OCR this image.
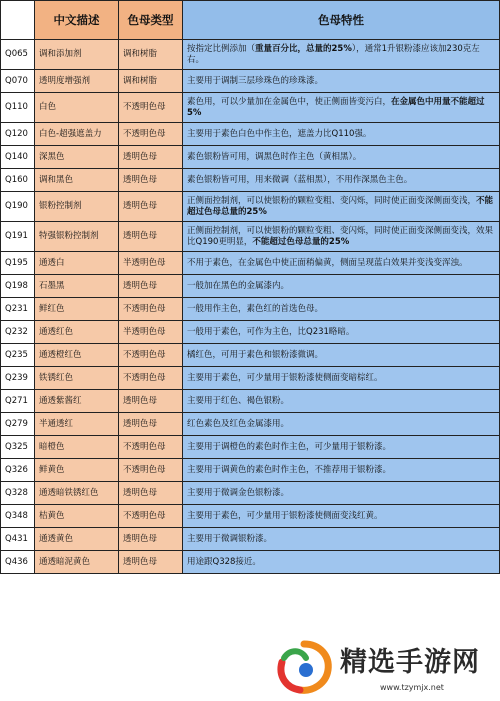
	中文描述	色母类型	色母特性
Q065	调和添加剂	调和树脂	按指定比例添加（重量百分比，总量的25%），通常1升银粉漆应该加230克左右。
Q070	透明度增强剂	调和树脂	主要用于调制三层珍珠色的珍珠漆。
Q110	白色	不透明色母	素色用，可以少量加在金属色中，使正侧面皆变污白，在金属色中用量不能超过5%
Q120	白色-超强遮盖力	不透明色母	主要用于素色白色中作主色，遮盖力比Q110强。
Q140	深黑色	透明色母	素色银粉皆可用，调黑色时作主色（黄相黑）。
Q160	调和黑色	透明色母	素色银粉皆可用，用来微调（蓝相黑），不用作深黑色主色。
Q190	银粉控制剂	透明色母	正侧面控制剂，可以使银粉的颗粒变粗、变闪烁，同时使正面变深侧面变浅，不能超过色母总量的25%
Q191	特强银粉控制剂	透明色母	正侧面控制剂，可以使银粉的颗粒变粗、变闪烁，同时使正面变深侧面变浅，效果比Q190更明显，不能超过色母总量的25%
Q195	通透白	半透明色母	不用于素色，在金属色中使正面稍偏黄，侧面呈现蓝白效果并变浅变浑浊。
Q198	石墨黑	透明色母	一般加在黑色的金属漆内。
Q231	鲜红色	不透明色母	一般用作主色，素色红的首选色母。
Q232	通透红色	半透明色母	一般用于素色，可作为主色，比Q231略暗。
Q235	通透橙红色	不透明色母	橘红色，可用于素色和银粉漆微调。
Q239	铁锈红色	不透明色母	主要用于素色，可少量用于银粉漆使侧面变暗棕红。
Q271	通透紫酱红	透明色母	主要用于红色、褐色银粉。
Q279	半通透红	透明色母	红色素色及红色金属漆用。
Q325	暗橙色	不透明色母	主要用于调橙色的素色时作主色，可少量用于银粉漆。
Q326	鲜黄色	不透明色母	主要用于调黄色的素色时作主色，不推荐用于银粉漆。
Q328	通透暗铁锈红色	透明色母	主要用于微调金色银粉漆。
Q348	桔黄色	不透明色母	主要用于素色，可少量用于银粉漆使侧面变浅红黄。
Q431	通透黄色	透明色母	主要用于微调银粉漆。
Q436	通透暗泥黄色	透明色母	用途跟Q328接近。
精选手游网
www.tzymjx.net
